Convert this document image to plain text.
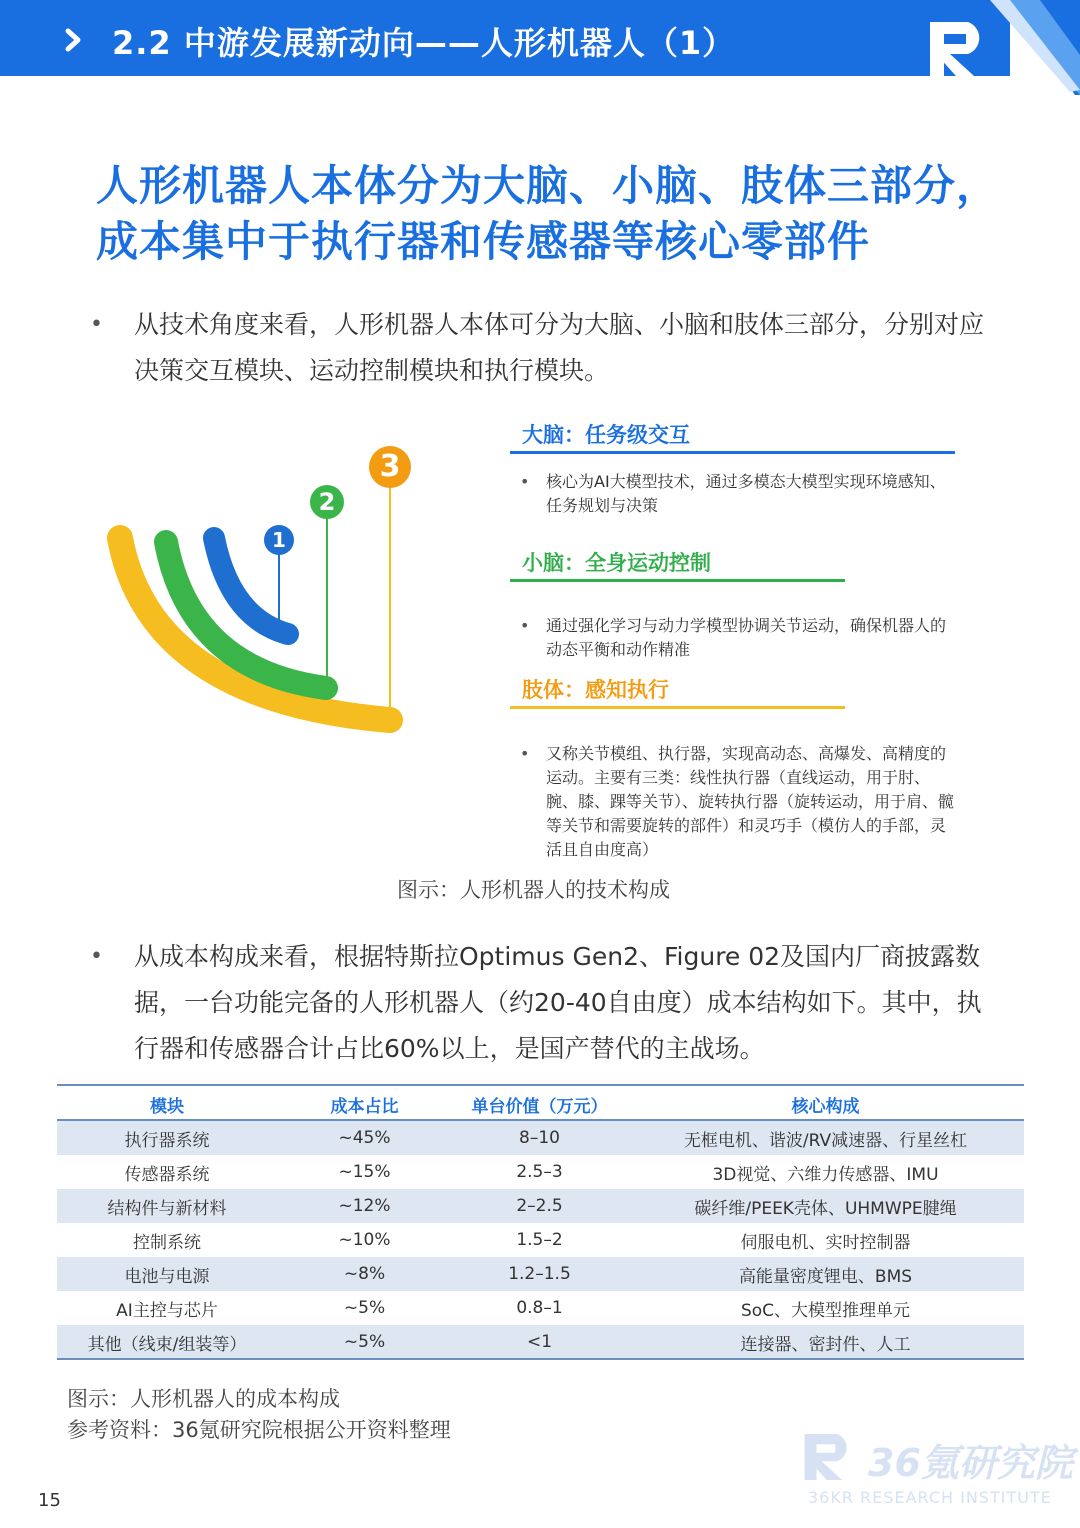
2.2 中游发展新动向——人形机器人（1）
人形机器人本体分为大脑、小脑、肢体三部分，
成本集中于执行器和传感器等核心零部件
•	从技术角度来看，人形机器人本体可分为大脑、小脑和肢体三部分，分别对应决策交互模块、运动控制模块和执行模块。
1
2
3
大脑：任务级交互
• 核心为AI大模型技术，通过多模态大模型实现环境感知、任务规划与决策
小脑：全身运动控制
• 通过强化学习与动力学模型协调关节运动，确保机器人的动态平衡和动作精准
肢体：感知执行
• 又称关节模组、执行器，实现高动态、高爆发、高精度的运动。主要有三类：线性执行器（直线运动，用于肘、腕、膝、踝等关节）、旋转执行器（旋转运动，用于肩、髋等关节和需要旋转的部件）和灵巧手（模仿人的手部，灵活且自由度高）
图示：人形机器人的技术构成
•	从成本构成来看，根据特斯拉Optimus Gen2、Figure 02及国内厂商披露数据，一台功能完备的人形机器人（约20-40自由度）成本结构如下。其中，执行器和传感器合计占比60%以上，是国产替代的主战场。
模块	成本占比	单台价值（万元）	核心构成
执行器系统	~45%	8–10	无框电机、谐波/RV减速器、行星丝杠
传感器系统	~15%	2.5–3	3D视觉、六维力传感器、IMU
结构件与新材料	~12%	2–2.5	碳纤维/PEEK壳体、UHMWPE腱绳
控制系统	~10%	1.5–2	伺服电机、实时控制器
电池与电源	~8%	1.2–1.5	高能量密度锂电、BMS
AI主控与芯片	~5%	0.8–1	SoC、大模型推理单元
其他（线束/组装等）	~5%	<1	连接器、密封件、人工
图示：人形机器人的成本构成
参考资料：36氪研究院根据公开资料整理
36氪研究院
36KR RESEARCH INSTITUTE
15
